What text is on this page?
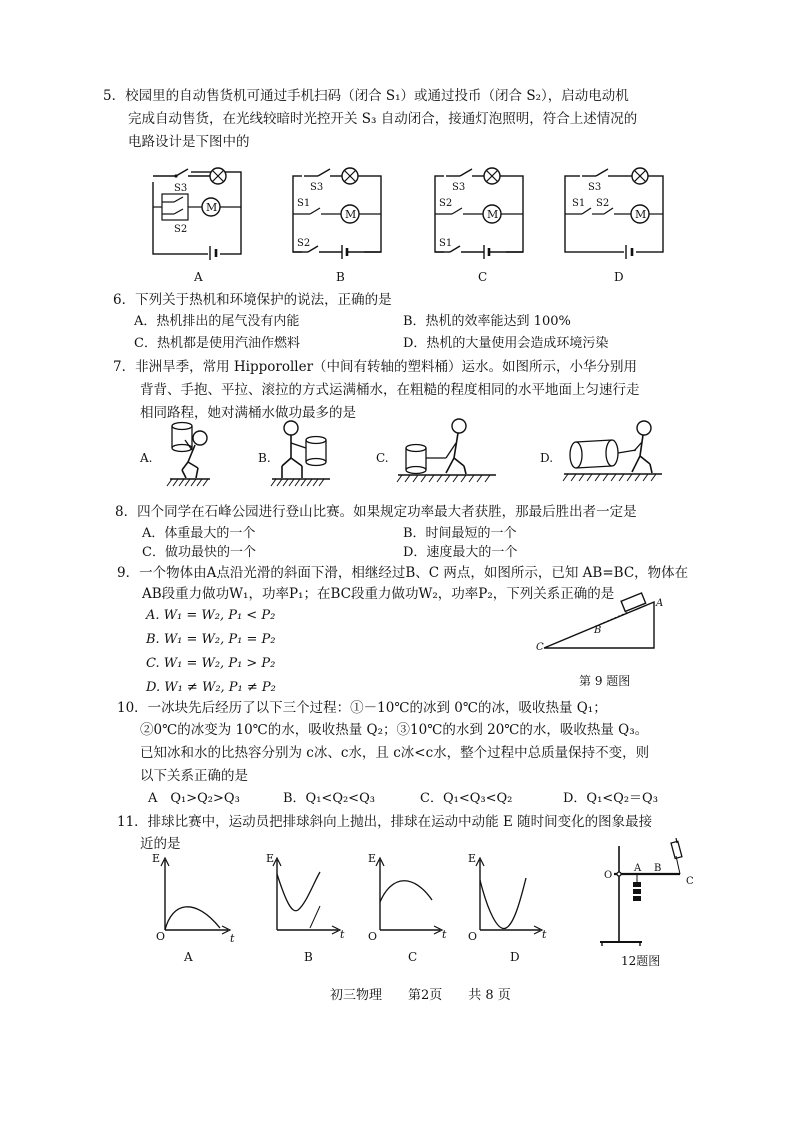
5．校园里的自动售货机可通过手机扫码（闭合 S₁）或通过投币（闭合 S₂），启动电动机
完成自动售货，在光线较暗时光控开关 S₃ 自动闭合，接通灯泡照明，符合上述情况的
电路设计是下图中的
S3
S2
M
A
S3
S1
M
S2
B
S3
S2
M
S1
C
S3
S1 S2
M
D
6．下列关于热机和环境保护的说法，正确的是
A．热机排出的尾气没有内能	B．热机的效率能达到 100%
C．热机都是使用汽油作燃料	D．热机的大量使用会造成环境污染
7．非洲旱季，常用 Hipporoller（中间有转轴的塑料桶）运水。如图所示，小华分别用
背背、手抱、平拉、滚拉的方式运满桶水，在粗糙的程度相同的水平地面上匀速行走
相同路程，她对满桶水做功最多的是
A.	B.	C.	D.
8．四个同学在石峰公园进行登山比赛。如果规定功率最大者获胜，那最后胜出者一定是
A．体重最大的一个	B．时间最短的一个
C．做功最快的一个	D．速度最大的一个
9．一个物体由A点沿光滑的斜面下滑，相继经过B、C 两点，如图所示，已知 AB=BC，物体在
AB段重力做功W₁，功率P₁；在BC段重力做功W₂，功率P₂，下列关系正确的是
A. W₁ = W₂, P₁ < P₂
B. W₁ = W₂, P₁ = P₂
C. W₁ = W₂, P₁ > P₂
D. W₁ ≠ W₂, P₁ ≠ P₂
A
B
C
第 9 题图
10．一冰块先后经历了以下三个过程：①－10℃的冰到 0℃的冰，吸收热量 Q₁；
②0℃的冰变为 10℃的水，吸收热量 Q₂；③10℃的水到 20℃的水，吸收热量 Q₃。
已知冰和水的比热容分别为 c冰、c水，且 c冰<c水，整个过程中总质量保持不变，则
以下关系正确的是
A　Q₁>Q₂>Q₃	B．Q₁<Q₂<Q₃	C．Q₁<Q₃<Q₂	D．Q₁<Q₂＝Q₃
11．排球比赛中，运动员把排球斜向上抛出，排球在运动中动能 E 随时间变化的图象最接
近的是
E
O	t
A
E
t
B
E
O	t
C
E
O	t
D
O
A B
C
12题图
初三物理　　第2页　　共 8 页
